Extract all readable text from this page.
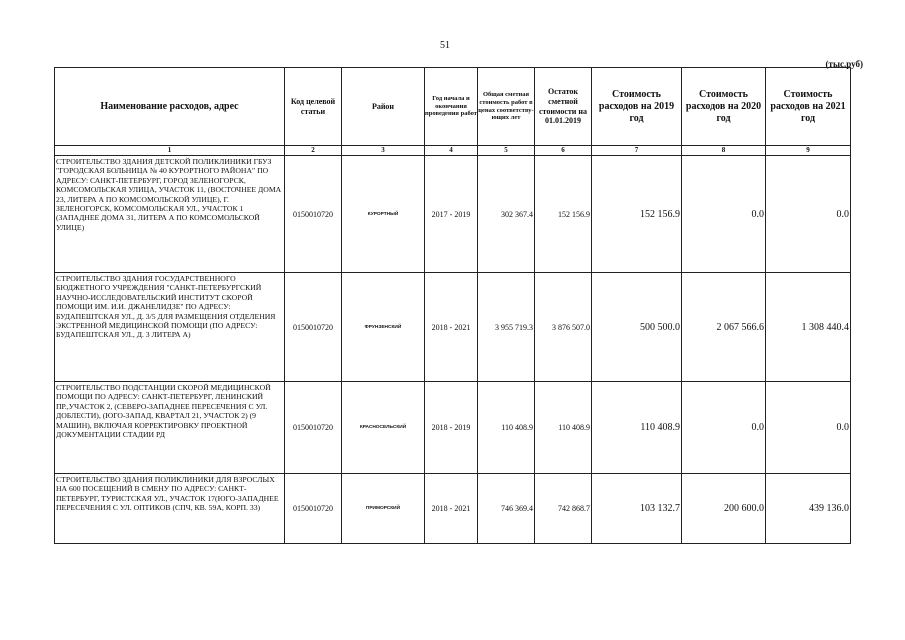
51
(тыс.руб)
Наименование расходов, адрес	Код целевой статьи	Район	Год начала и окончания проведения работ	Общая сметная стоимость работ в ценах соответству-ющих лет	Остаток сметной стоимости на 01.01.2019	Стоимость расходов на 2019 год	Стоимость расходов на 2020 год	Стоимость расходов на 2021 год
1	2	3	4	5	6	7	8	9
СТРОИТЕЛЬСТВО ЗДАНИЯ ДЕТСКОЙ ПОЛИКЛИНИКИ ГБУЗ "ГОРОДСКАЯ БОЛЬНИЦА № 40 КУРОРТНОГО РАЙОНА" ПО АДРЕСУ: САНКТ-ПЕТЕРБУРГ, ГОРОД ЗЕЛЕНОГОРСК, КОМСОМОЛЬСКАЯ УЛИЦА, УЧАСТОК 11, (ВОСТОЧНЕЕ ДОМА 23, ЛИТЕРА А ПО КОМСОМОЛЬСКОЙ УЛИЦЕ), Г. ЗЕЛЕНОГОРСК, КОМСОМОЛЬСКАЯ УЛ., УЧАСТОК 1 (ЗАПАДНЕЕ ДОМА 31, ЛИТЕРА А ПО КОМСОМОЛЬСКОЙ УЛИЦЕ)	0150010720	КУРОРТНЫЙ	2017 - 2019	302 367.4	152 156.9	152 156.9	0.0	0.0
СТРОИТЕЛЬСТВО ЗДАНИЯ ГОСУДАРСТВЕННОГО БЮДЖЕТНОГО УЧРЕЖДЕНИЯ "САНКТ-ПЕТЕРБУРГСКИЙ НАУЧНО-ИССЛЕДОВАТЕЛЬСКИЙ ИНСТИТУТ СКОРОЙ ПОМОЩИ ИМ. И.И. ДЖАНЕЛИДЗЕ" ПО АДРЕСУ: БУДАПЕШТСКАЯ УЛ., Д. 3/5 ДЛЯ РАЗМЕЩЕНИЯ ОТДЕЛЕНИЯ ЭКСТРЕННОЙ МЕДИЦИНСКОЙ ПОМОЩИ (ПО АДРЕСУ: БУДАПЕШТСКАЯ УЛ., Д. 3 ЛИТЕРА А)	0150010720	ФРУНЗЕНСКИЙ	2018 - 2021	3 955 719.3	3 876 507.0	500 500.0	2 067 566.6	1 308 440.4
СТРОИТЕЛЬСТВО ПОДСТАНЦИИ СКОРОЙ МЕДИЦИНСКОЙ ПОМОЩИ ПО АДРЕСУ: САНКТ-ПЕТЕРБУРГ, ЛЕНИНСКИЙ ПР.,УЧАСТОК 2, (СЕВЕРО-ЗАПАДНЕЕ ПЕРЕСЕЧЕНИЯ С УЛ. ДОБЛЕСТИ), (ЮГО-ЗАПАД, КВАРТАЛ 21, УЧАСТОК 2) (9 МАШИН), ВКЛЮЧАЯ КОРРЕКТИРОВКУ ПРОЕКТНОЙ ДОКУМЕНТАЦИИ СТАДИИ РД	0150010720	КРАСНОСЕЛЬСКИЙ	2018 - 2019	110 408.9	110 408.9	110 408.9	0.0	0.0
СТРОИТЕЛЬСТВО ЗДАНИЯ ПОЛИКЛИНИКИ ДЛЯ ВЗРОСЛЫХ НА 600 ПОСЕЩЕНИЙ В СМЕНУ ПО АДРЕСУ: САНКТ-ПЕТЕРБУРГ, ТУРИСТСКАЯ УЛ., УЧАСТОК 17(ЮГО-ЗАПАДНЕЕ ПЕРЕСЕЧЕНИЯ С УЛ. ОПТИКОВ (СПЧ, КВ. 59А, КОРП. 33)	0150010720	ПРИМОРСКИЙ	2018 - 2021	746 369.4	742 868.7	103 132.7	200 600.0	439 136.0
